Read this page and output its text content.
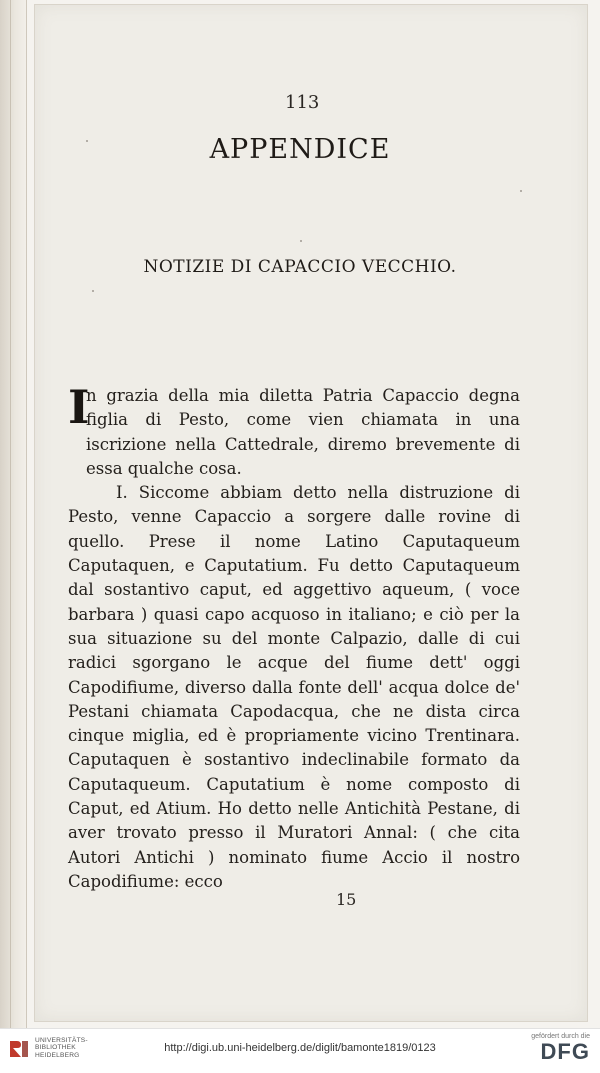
113
APPENDICE
NOTIZIE DI CAPACCIO VECCHIO.

I
n grazia della mia diletta Patria Capaccio degna figlia di Pesto, come vien chiamata in una iscrizione nella Cattedrale, diremo brevemente di essa qualche cosa.

I. Siccome abbiam detto nella distruzione di Pesto, venne Capaccio a sorgere dalle rovine di quello. Prese il nome Latino Caputaqueum Caputaquen, e Caputatium. Fu detto Caputaqueum dal sostantivo caput, ed aggettivo aqueum, ( voce barbara ) quasi capo acquoso in italiano; e ciò per la sua situazione su del monte Calpazio, dalle di cui radici sgorgano le acque del fiume dett' oggi Capodifiume, diverso dalla fonte dell' acqua dolce de' Pestani chiamata Capodacqua, che ne dista circa cinque miglia, ed è propriamente vicino Trentinara. Caputaquen è sostantivo indeclinabile formato da Caputaqueum. Caputatium è nome composto di Caput, ed Atium. Ho detto nelle Antichità Pestane, di aver trovato presso il Muratori Annal: ( che cita Autori Antichi ) nominato fiume Accio il nostro Capodifiume: ecco

15
UNIVERSITÄTS-
BIBLIOTHEK
HEIDELBERG
http://digi.ub.uni-heidelberg.de/diglit/bamonte1819/0123
gefördert durch die
DFG
